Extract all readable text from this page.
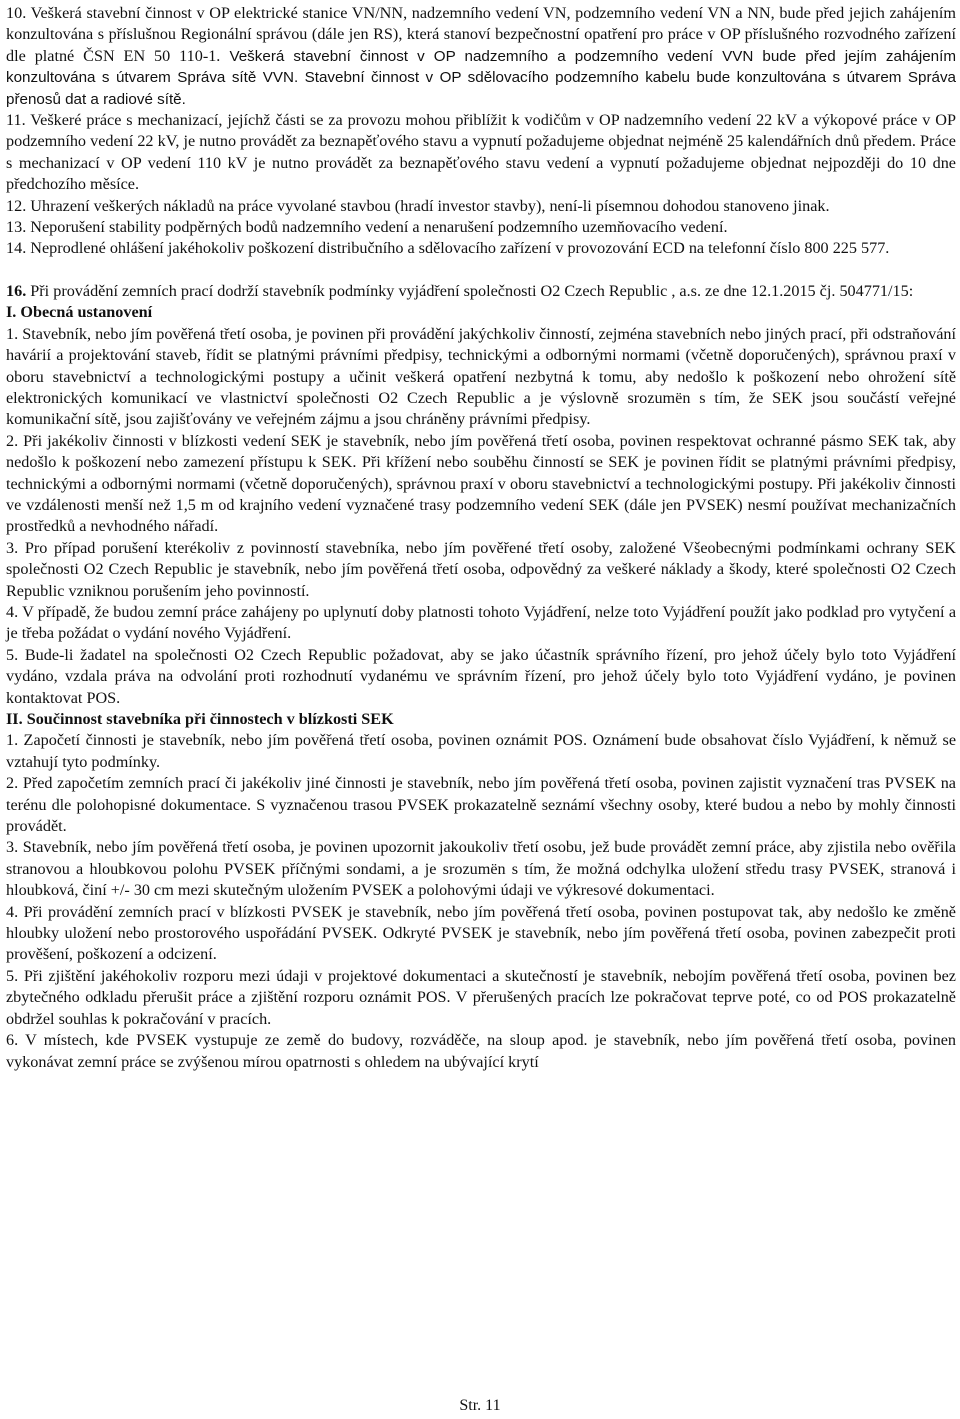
10. Veškerá stavební činnost v OP elektrické stanice VN/NN, nadzemního vedení VN, podzemního vedení VN a NN, bude před jejich zahájením konzultována s příslušnou Regionální správou (dále jen RS), která stanoví bezpečnostní opatření pro práce v OP příslušného rozvodného zařízení dle platné ČSN EN 50 110-1. Veškerá stavební činnost v OP nadzemního a podzemního vedení VVN bude před jejím zahájením konzultována s útvarem Správa sítě VVN. Stavební činnost v OP sdělovacího podzemního kabelu bude konzultována s útvarem Správa přenosů dat a radiové sítě.

11. Veškeré práce s mechanizací, jejíchž části se za provozu mohou přiblížit k vodičům v OP nadzemního vedení 22 kV a výkopové práce v OP podzemního vedení 22 kV, je nutno provádět za beznapěťového stavu a vypnutí požadujeme objednat nejméně 25 kalendářních dnů předem. Práce s mechanizací v OP vedení 110 kV je nutno provádět za beznapěťového stavu vedení a vypnutí požadujeme objednat nejpozději do 10 dne předchozího měsíce.

12. Uhrazení veškerých nákladů na práce vyvolané stavbou (hradí investor stavby), není-li písemnou dohodou stanoveno jinak.

13. Neporušení stability podpěrných bodů nadzemního vedení a nenarušení podzemního uzemňovacího vedení.

14. Neprodlené ohlášení jakéhokoliv poškození distribučního a sdělovacího zařízení v provozování ECD na telefonní číslo 800 225 577.

16. Při provádění zemních prací dodrží stavebník podmínky vyjádření společnosti O2 Czech Republic , a.s. ze dne 12.1.2015 čj. 504771/15:

I. Obecná ustanovení

1. Stavebník, nebo jím pověřená třetí osoba, je povinen při provádění jakýchkoliv činností, zejména stavebních nebo jiných prací, při odstraňování havárií a projektování staveb, řídit se platnými právními předpisy, technickými a odbornými normami (včetně doporučených), správnou praxí v oboru stavebnictví a technologickými postupy a učinit veškerá opatření nezbytná k tomu, aby nedošlo k poškození nebo ohrožení sítě elektronických komunikací ve vlastnictví společnosti O2 Czech Republic a je výslovně srozumën s tím, že SEK jsou součástí veřejné komunikační sítě, jsou zajišťovány ve veřejném zájmu a jsou chráněny právními předpisy.

2. Při jakékoliv činnosti v blízkosti vedení SEK je stavebník, nebo jím pověřená třetí osoba, povinen respektovat ochranné pásmo SEK tak, aby nedošlo k poškození nebo zamezení přístupu k SEK. Při křížení nebo souběhu činností se SEK je povinen řídit se platnými právními předpisy, technickými a odbornými normami (včetně doporučených), správnou praxí v oboru stavebnictví a technologickými postupy. Při jakékoliv činnosti ve vzdálenosti menší než 1,5 m od krajního vedení vyznačené trasy podzemního vedení SEK (dále jen PVSEK) nesmí používat mechanizačních prostředků a nevhodného nářadí.

3. Pro případ porušení kterékoliv z povinností stavebníka, nebo jím pověřené třetí osoby, založené Všeobecnými podmínkami ochrany SEK společnosti O2 Czech Republic je stavebník, nebo jím pověřená třetí osoba, odpovědný za veškeré náklady a škody, které společnosti O2 Czech Republic vzniknou porušením jeho povinností.

4. V případě, že budou zemní práce zahájeny po uplynutí doby platnosti tohoto Vyjádření, nelze toto Vyjádření použít jako podklad pro vytyčení a je třeba požádat o vydání nového Vyjádření.

5. Bude-li žadatel na společnosti O2 Czech Republic požadovat, aby se jako účastník správního řízení, pro jehož účely bylo toto Vyjádření vydáno, vzdala práva na odvolání proti rozhodnutí vydanému ve správním řízení, pro jehož účely bylo toto Vyjádření vydáno, je povinen kontaktovat POS.

II. Součinnost stavebníka při činnostech v blízkosti SEK

1. Započetí činnosti je stavebník, nebo jím pověřená třetí osoba, povinen oznámit POS. Oznámení bude obsahovat číslo Vyjádření, k němuž se vztahují tyto podmínky.

2. Před započetím zemních prací či jakékoliv jiné činnosti je stavebník, nebo jím pověřená třetí osoba, povinen zajistit vyznačení tras PVSEK na terénu dle polohopisné dokumentace. S vyznačenou trasou PVSEK prokazatelně seznámí všechny osoby, které budou a nebo by mohly činnosti provádět.

3. Stavebník, nebo jím pověřená třetí osoba, je povinen upozornit jakoukoliv třetí osobu, jež bude provádět zemní práce, aby zjistila nebo ověřila stranovou a hloubkovou polohu PVSEK příčnými sondami, a je srozumën s tím, že možná odchylka uložení středu trasy PVSEK, stranová i hloubková, činí +/- 30 cm mezi skutečným uložením PVSEK a polohovými údaji ve výkresové dokumentaci.

4. Při provádění zemních prací v blízkosti PVSEK je stavebník, nebo jím pověřená třetí osoba, povinen postupovat tak, aby nedošlo ke změně hloubky uložení nebo prostorového uspořádání PVSEK. Odkryté PVSEK je stavebník, nebo jím pověřená třetí osoba, povinen zabezpečit proti prověšení, poškození a odcizení.

5. Při zjištění jakéhokoliv rozporu mezi údaji v projektové dokumentaci a skutečností je stavebník, nebojím pověřená třetí osoba, povinen bez zbytečného odkladu přerušit práce a zjištění rozporu oznámit POS. V přerušených pracích lze pokračovat teprve poté, co od POS prokazatelně obdržel souhlas k pokračování v pracích.

6. V místech, kde PVSEK vystupuje ze země do budovy, rozváděče, na sloup apod. je stavebník, nebo jím pověřená třetí osoba, povinen vykonávat zemní práce se zvýšenou mírou opatrnosti s ohledem na ubývající krytí

Str. 11
